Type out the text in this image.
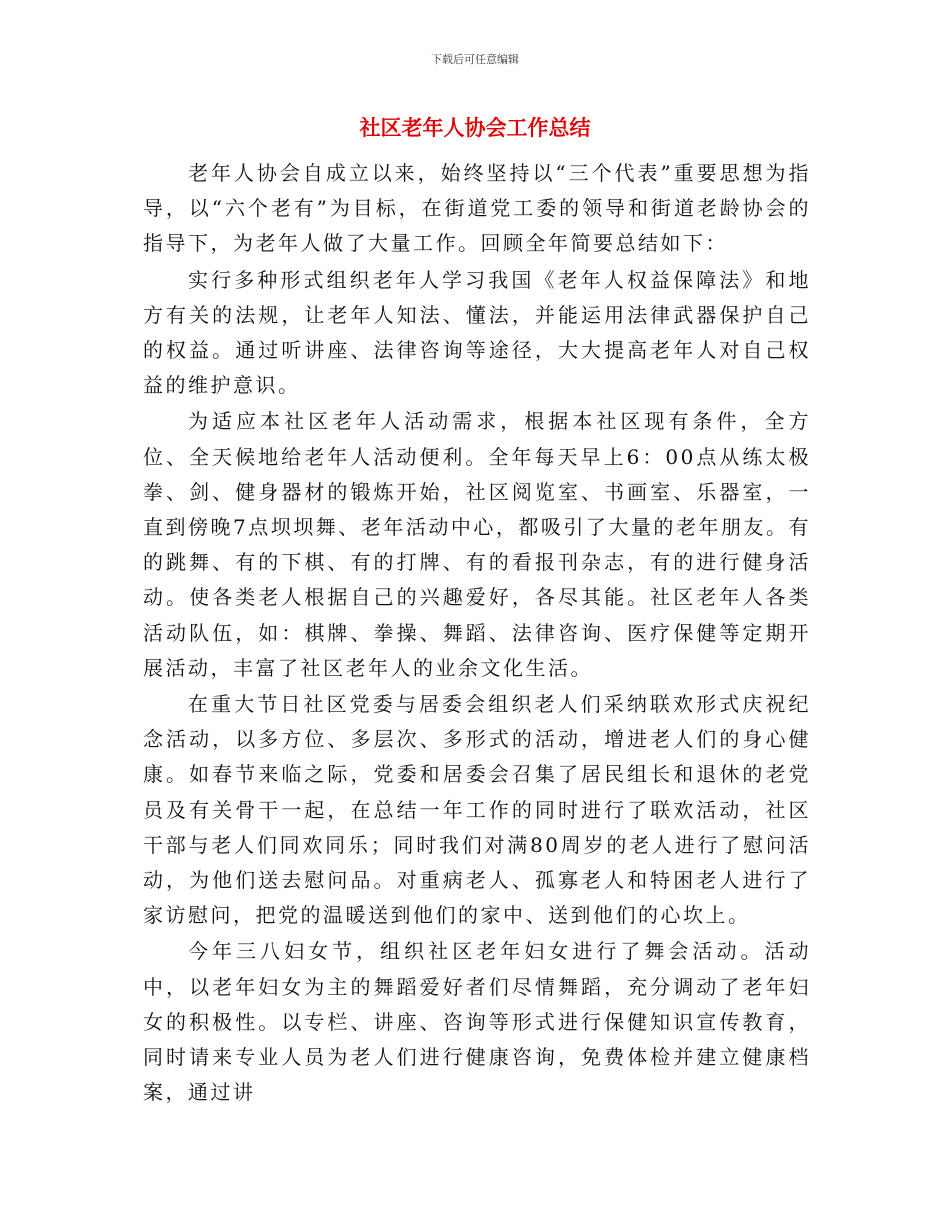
下载后可任意编辑
社区老年人协会工作总结

老年人协会自成立以来，始终坚持以“三个代表”重要思想为指导，以“六个老有”为目标，在街道党工委的领导和街道老龄协会的指导下，为老年人做了大量工作。回顾全年简要总结如下：

实行多种形式组织老年人学习我国《老年人权益保障法》和地方有关的法规，让老年人知法、懂法，并能运用法律武器保护自己的权益。通过听讲座、法律咨询等途径，大大提高老年人对自己权益的维护意识。

为适应本社区老年人活动需求，根据本社区现有条件，全方位、全天候地给老年人活动便利。全年每天早上6：00点从练太极拳、剑、健身器材的锻炼开始，社区阅览室、书画室、乐器室，一直到傍晚7点坝坝舞、老年活动中心，都吸引了大量的老年朋友。有的跳舞、有的下棋、有的打牌、有的看报刊杂志，有的进行健身活动。使各类老人根据自己的兴趣爱好，各尽其能。社区老年人各类活动队伍，如：棋牌、拳操、舞蹈、法律咨询、医疗保健等定期开展活动，丰富了社区老年人的业余文化生活。

在重大节日社区党委与居委会组织老人们采纳联欢形式庆祝纪念活动，以多方位、多层次、多形式的活动，增进老人们的身心健康。如春节来临之际，党委和居委会召集了居民组长和退休的老党员及有关骨干一起，在总结一年工作的同时进行了联欢活动，社区干部与老人们同欢同乐；同时我们对满80周岁的老人进行了慰问活动，为他们送去慰问品。对重病老人、孤寡老人和特困老人进行了家访慰问，把党的温暖送到他们的家中、送到他们的心坎上。

今年三八妇女节，组织社区老年妇女进行了舞会活动。活动中，以老年妇女为主的舞蹈爱好者们尽情舞蹈，充分调动了老年妇女的积极性。以专栏、讲座、咨询等形式进行保健知识宣传教育，同时请来专业人员为老人们进行健康咨询，免费体检并建立健康档案，通过讲
